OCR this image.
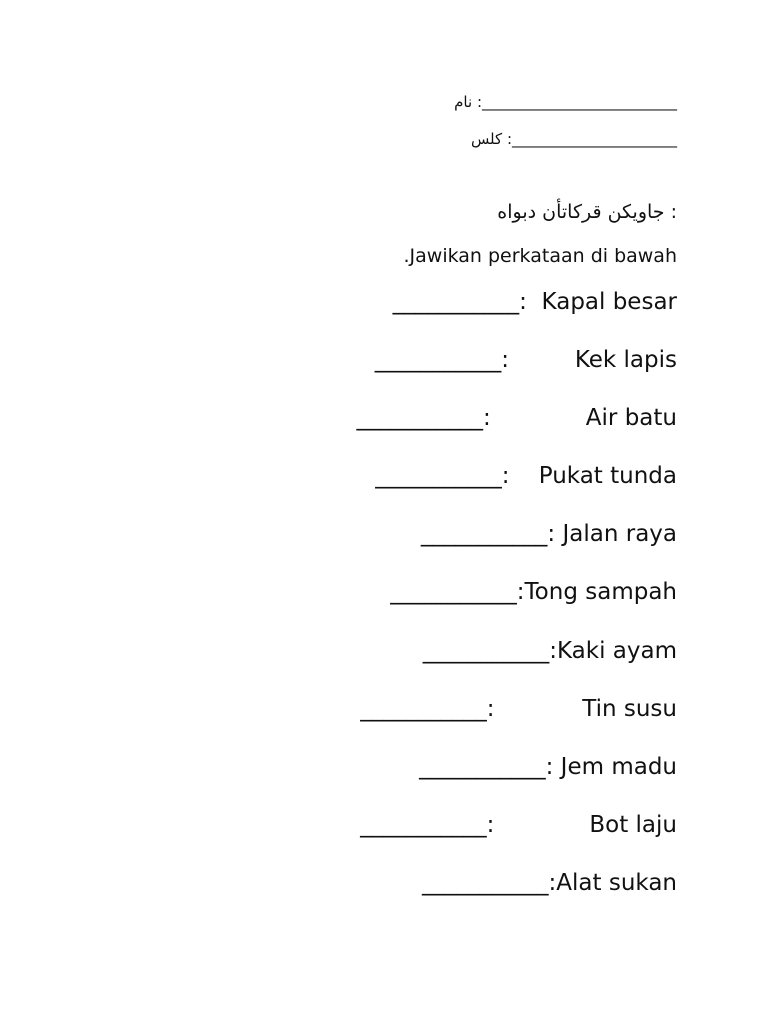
نام :__________________________
كلس :______________________
جاويكن قركاتأن دبواه :
.Jawikan perkataan di bawah
___________:  Kapal besar
___________:         Kek lapis
___________:             Air batu
___________:    Pukat tunda
___________: Jalan raya
___________:Tong sampah
___________:Kaki ayam
___________:            Tin susu
___________: Jem madu
___________:             Bot laju
___________:Alat sukan
